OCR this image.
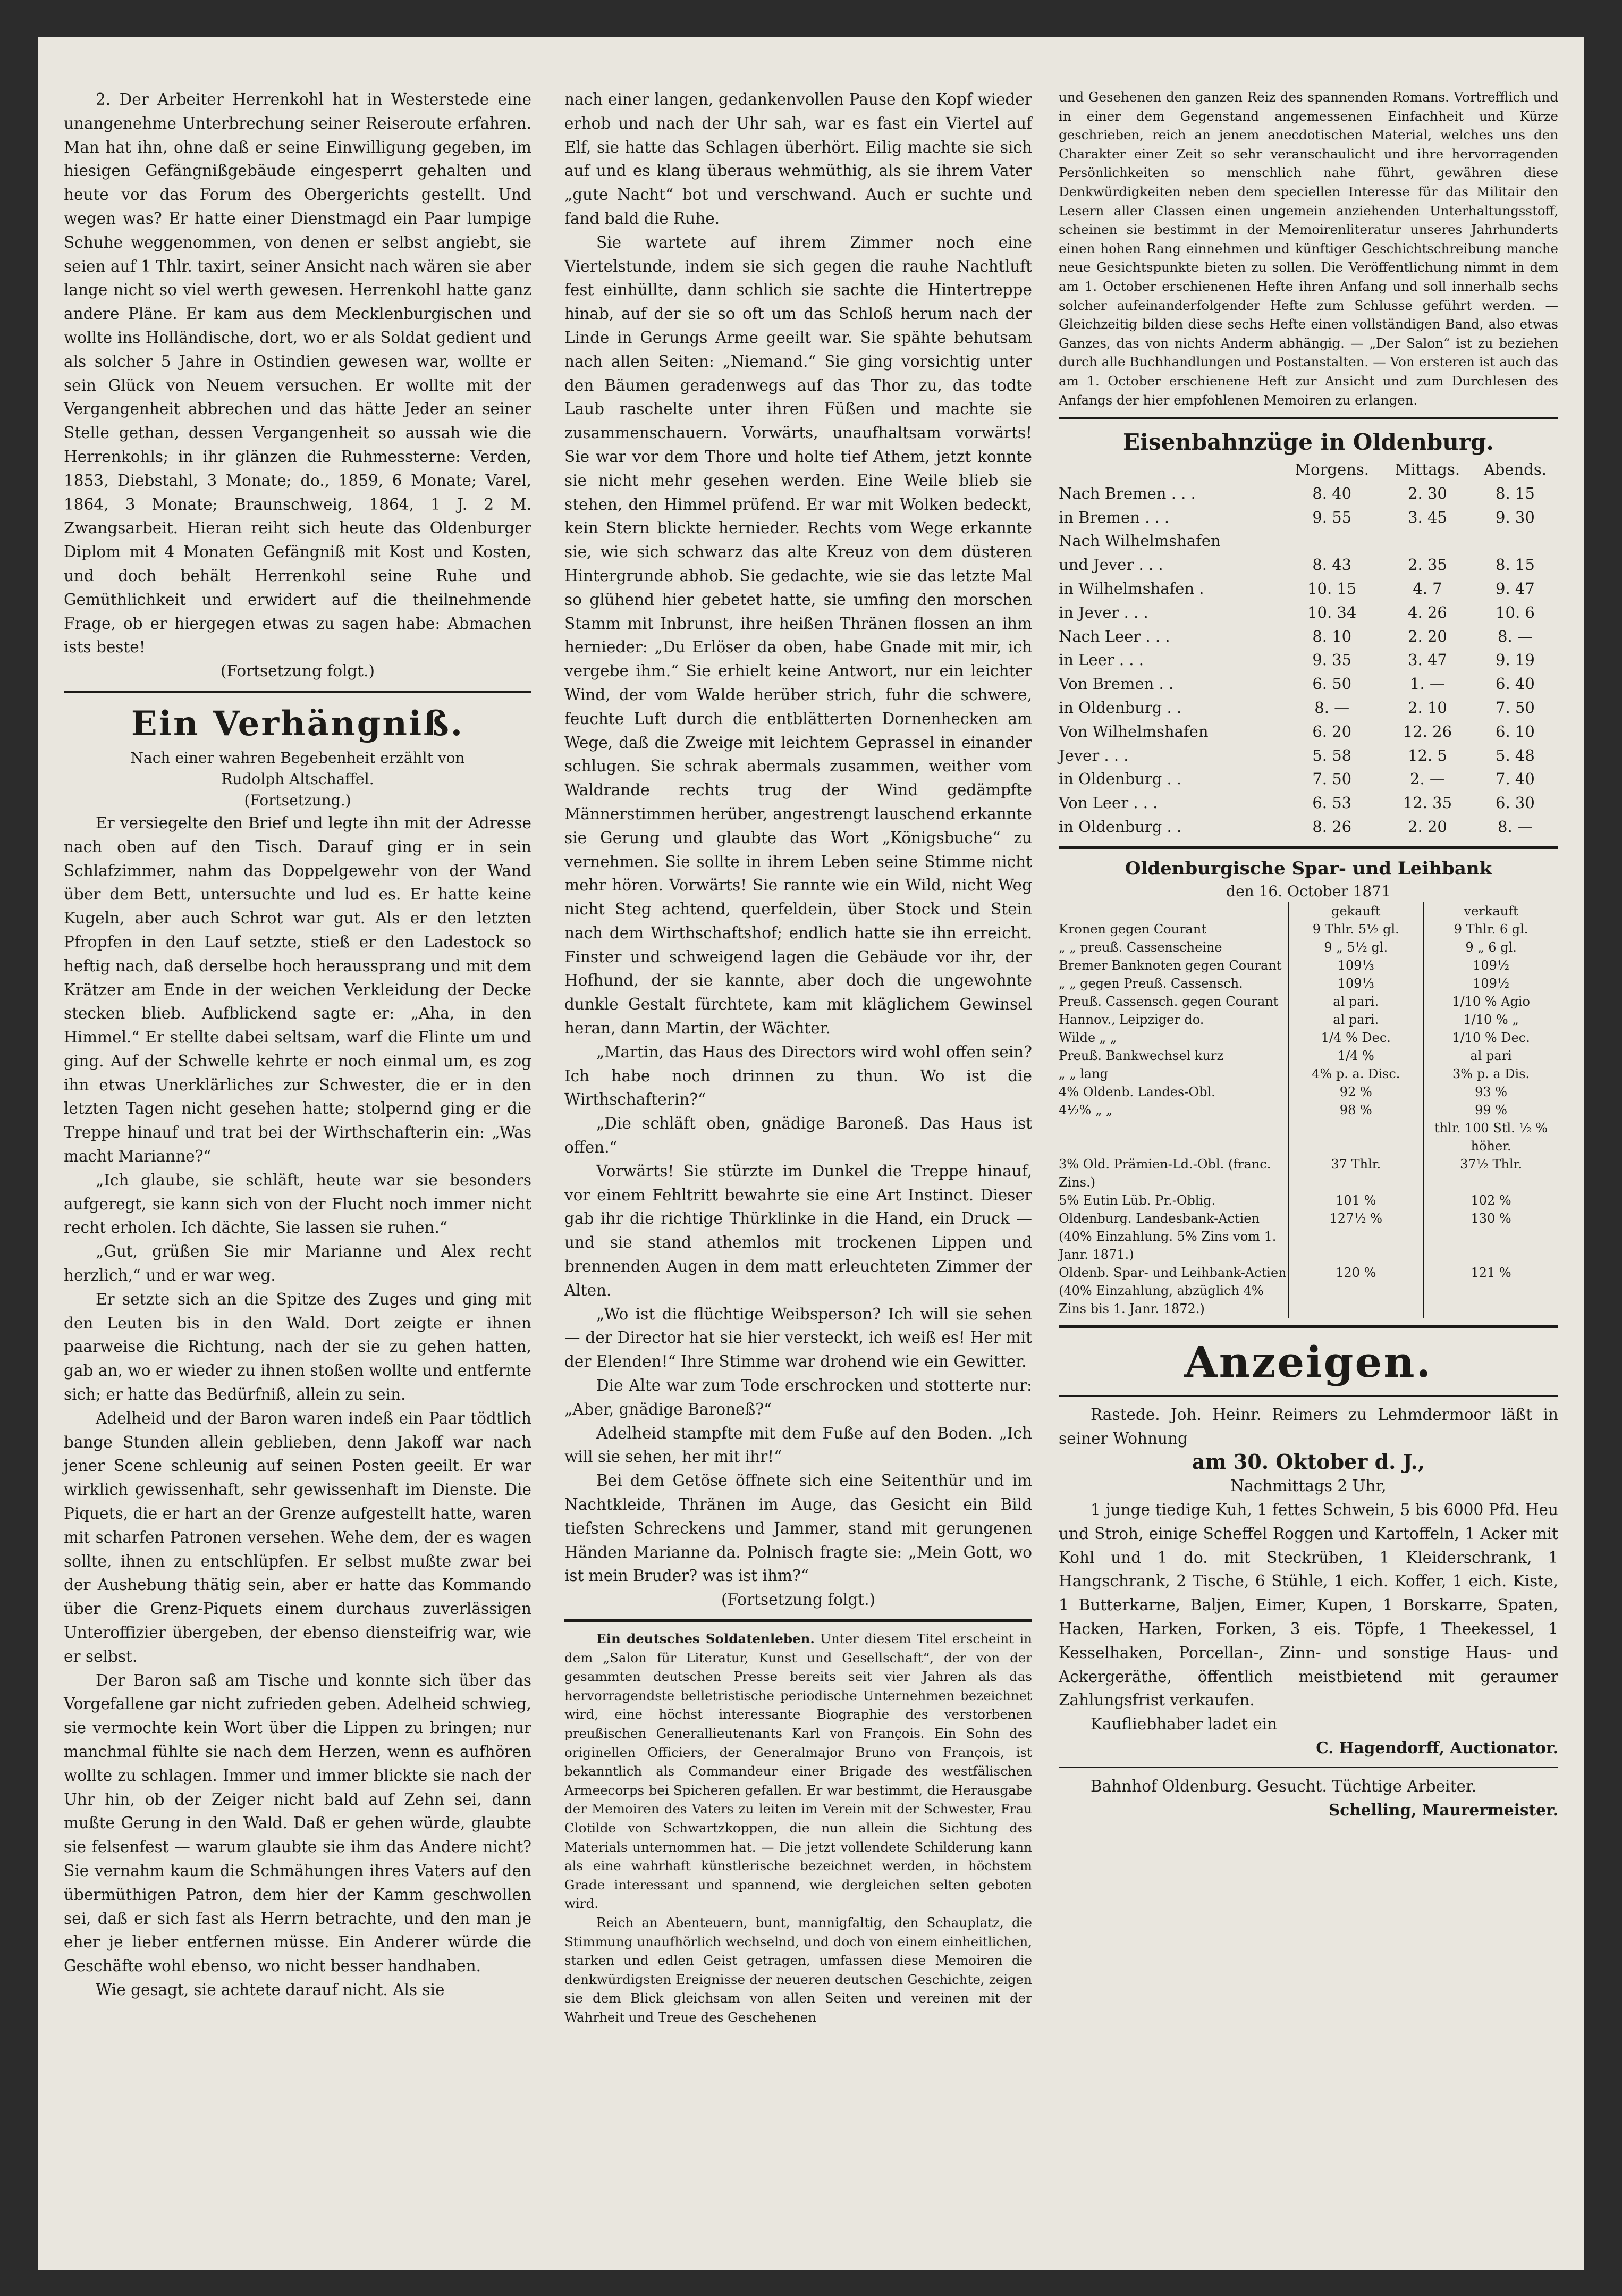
2. Der Arbeiter Herrenkohl hat in Westerstede eine unangenehme Unterbrechung seiner Reiseroute erfahren. Man hat ihn, ohne daß er seine Einwilligung gegeben, im hiesigen Gefängnißgebäude eingesperrt gehalten und heute vor das Forum des Obergerichts gestellt. Und wegen was? Er hatte einer Dienstmagd ein Paar lumpige Schuhe weggenommen, von denen er selbst angiebt, sie seien auf 1 Thlr. taxirt, seiner Ansicht nach wären sie aber lange nicht so viel werth gewesen. Herrenkohl hatte ganz andere Pläne. Er kam aus dem Mecklenburgischen und wollte ins Holländische, dort, wo er als Soldat gedient und als solcher 5 Jahre in Ostindien gewesen war, wollte er sein Glück von Neuem versuchen. Er wollte mit der Vergangenheit abbrechen und das hätte Jeder an seiner Stelle gethan, dessen Vergangenheit so aussah wie die Herrenkohls; in ihr glänzen die Ruhmessterne: Verden, 1853, Diebstahl, 3 Monate; do., 1859, 6 Monate; Varel, 1864, 3 Monate; Braunschweig, 1864, 1 J. 2 M. Zwangsarbeit. Hieran reiht sich heute das Oldenburger Diplom mit 4 Monaten Gefängniß mit Kost und Kosten, und doch behält Herrenkohl seine Ruhe und Gemüthlichkeit und erwidert auf die theilnehmende Frage, ob er hiergegen etwas zu sagen habe: Abmachen ists beste!

(Fortsetzung folgt.)

Ein Verhängniß.
Nach einer wahren Begebenheit erzählt von
Rudolph Altschaffel.
(Fortsetzung.)

Er versiegelte den Brief und legte ihn mit der Adresse nach oben auf den Tisch. Darauf ging er in sein Schlafzimmer, nahm das Doppelgewehr von der Wand über dem Bett, untersuchte und lud es. Er hatte keine Kugeln, aber auch Schrot war gut. Als er den letzten Pfropfen in den Lauf setzte, stieß er den Ladestock so heftig nach, daß derselbe hoch heraussprang und mit dem Krätzer am Ende in der weichen Verkleidung der Decke stecken blieb. Aufblickend sagte er: „Aha, in den Himmel.“ Er stellte dabei seltsam, warf die Flinte um und ging. Auf der Schwelle kehrte er noch einmal um, es zog ihn etwas Unerklärliches zur Schwester, die er in den letzten Tagen nicht gesehen hatte; stolpernd ging er die Treppe hinauf und trat bei der Wirthschafterin ein: „Was macht Marianne?“

„Ich glaube, sie schläft, heute war sie besonders aufgeregt, sie kann sich von der Flucht noch immer nicht recht erholen. Ich dächte, Sie lassen sie ruhen.“

„Gut, grüßen Sie mir Marianne und Alex recht herzlich,“ und er war weg.

Er setzte sich an die Spitze des Zuges und ging mit den Leuten bis in den Wald. Dort zeigte er ihnen paarweise die Richtung, nach der sie zu gehen hatten, gab an, wo er wieder zu ihnen stoßen wollte und entfernte sich; er hatte das Bedürfniß, allein zu sein.

Adelheid und der Baron waren indeß ein Paar tödtlich bange Stunden allein geblieben, denn Jakoff war nach jener Scene schleunig auf seinen Posten geeilt. Er war wirklich gewissenhaft, sehr gewissenhaft im Dienste. Die Piquets, die er hart an der Grenze aufgestellt hatte, waren mit scharfen Patronen versehen. Wehe dem, der es wagen sollte, ihnen zu entschlüpfen. Er selbst mußte zwar bei der Aushebung thätig sein, aber er hatte das Kommando über die Grenz-Piquets einem durchaus zuverlässigen Unteroffizier übergeben, der ebenso diensteifrig war, wie er selbst.

Der Baron saß am Tische und konnte sich über das Vorgefallene gar nicht zufrieden geben. Adelheid schwieg, sie vermochte kein Wort über die Lippen zu bringen; nur manchmal fühlte sie nach dem Herzen, wenn es aufhören wollte zu schlagen. Immer und immer blickte sie nach der Uhr hin, ob der Zeiger nicht bald auf Zehn sei, dann mußte Gerung in den Wald. Daß er gehen würde, glaubte sie felsenfest — warum glaubte sie ihm das Andere nicht? Sie vernahm kaum die Schmähungen ihres Vaters auf den übermüthigen Patron, dem hier der Kamm geschwollen sei, daß er sich fast als Herrn betrachte, und den man je eher je lieber entfernen müsse. Ein Anderer würde die Geschäfte wohl ebenso, wo nicht besser handhaben.

Wie gesagt, sie achtete darauf nicht. Als sie

nach einer langen, gedankenvollen Pause den Kopf wieder erhob und nach der Uhr sah, war es fast ein Viertel auf Elf, sie hatte das Schlagen überhört. Eilig machte sie sich auf und es klang überaus wehmüthig, als sie ihrem Vater „gute Nacht“ bot und verschwand. Auch er suchte und fand bald die Ruhe.

Sie wartete auf ihrem Zimmer noch eine Viertelstunde, indem sie sich gegen die rauhe Nachtluft fest einhüllte, dann schlich sie sachte die Hintertreppe hinab, auf der sie so oft um das Schloß herum nach der Linde in Gerungs Arme geeilt war. Sie spähte behutsam nach allen Seiten: „Niemand.“ Sie ging vorsichtig unter den Bäumen geradenwegs auf das Thor zu, das todte Laub raschelte unter ihren Füßen und machte sie zusammenschauern. Vorwärts, unaufhaltsam vorwärts! Sie war vor dem Thore und holte tief Athem, jetzt konnte sie nicht mehr gesehen werden. Eine Weile blieb sie stehen, den Himmel prüfend. Er war mit Wolken bedeckt, kein Stern blickte hernieder. Rechts vom Wege erkannte sie, wie sich schwarz das alte Kreuz von dem düsteren Hintergrunde abhob. Sie gedachte, wie sie das letzte Mal so glühend hier gebetet hatte, sie umfing den morschen Stamm mit Inbrunst, ihre heißen Thränen flossen an ihm hernieder: „Du Erlöser da oben, habe Gnade mit mir, ich vergebe ihm.“ Sie erhielt keine Antwort, nur ein leichter Wind, der vom Walde herüber strich, fuhr die schwere, feuchte Luft durch die entblätterten Dornenhecken am Wege, daß die Zweige mit leichtem Geprassel in einander schlugen. Sie schrak abermals zusammen, weither vom Waldrande rechts trug der Wind gedämpfte Männerstimmen herüber, angestrengt lauschend erkannte sie Gerung und glaubte das Wort „Königsbuche“ zu vernehmen. Sie sollte in ihrem Leben seine Stimme nicht mehr hören. Vorwärts! Sie rannte wie ein Wild, nicht Weg nicht Steg achtend, querfeldein, über Stock und Stein nach dem Wirthschaftshof; endlich hatte sie ihn erreicht. Finster und schweigend lagen die Gebäude vor ihr, der Hofhund, der sie kannte, aber doch die ungewohnte dunkle Gestalt fürchtete, kam mit kläglichem Gewinsel heran, dann Martin, der Wächter.

„Martin, das Haus des Directors wird wohl offen sein? Ich habe noch drinnen zu thun. Wo ist die Wirthschafterin?“

„Die schläft oben, gnädige Baroneß. Das Haus ist offen.“

Vorwärts! Sie stürzte im Dunkel die Treppe hinauf, vor einem Fehltritt bewahrte sie eine Art Instinct. Dieser gab ihr die richtige Thürklinke in die Hand, ein Druck — und sie stand athemlos mit trockenen Lippen und brennenden Augen in dem matt erleuchteten Zimmer der Alten.

„Wo ist die flüchtige Weibsperson? Ich will sie sehen — der Director hat sie hier versteckt, ich weiß es! Her mit der Elenden!“ Ihre Stimme war drohend wie ein Gewitter.

Die Alte war zum Tode erschrocken und stotterte nur: „Aber, gnädige Baroneß?“

Adelheid stampfte mit dem Fuße auf den Boden. „Ich will sie sehen, her mit ihr!“

Bei dem Getöse öffnete sich eine Seitenthür und im Nachtkleide, Thränen im Auge, das Gesicht ein Bild tiefsten Schreckens und Jammer, stand mit gerungenen Händen Marianne da. Polnisch fragte sie: „Mein Gott, wo ist mein Bruder? was ist ihm?“

(Fortsetzung folgt.)

Ein deutsches Soldatenleben. Unter diesem Titel erscheint in dem „Salon für Literatur, Kunst und Gesellschaft“, der von der gesammten deutschen Presse bereits seit vier Jahren als das hervorragendste belletristische periodische Unternehmen bezeichnet wird, eine höchst interessante Biographie des verstorbenen preußischen Generallieutenants Karl von François. Ein Sohn des originellen Officiers, der Generalmajor Bruno von François, ist bekanntlich als Commandeur einer Brigade des westfälischen Armeecorps bei Spicheren gefallen. Er war bestimmt, die Herausgabe der Memoiren des Vaters zu leiten im Verein mit der Schwester, Frau Clotilde von Schwartzkoppen, die nun allein die Sichtung des Materials unternommen hat. — Die jetzt vollendete Schilderung kann als eine wahrhaft künstlerische bezeichnet werden, in höchstem Grade interessant und spannend, wie dergleichen selten geboten wird.

Reich an Abenteuern, bunt, mannigfaltig, den Schauplatz, die Stimmung unaufhörlich wechselnd, und doch von einem einheitlichen, starken und edlen Geist getragen, umfassen diese Memoiren die denkwürdigsten Ereignisse der neueren deutschen Geschichte, zeigen sie dem Blick gleichsam von allen Seiten und vereinen mit der Wahrheit und Treue des Geschehenen

und Gesehenen den ganzen Reiz des spannenden Romans. Vortrefflich und in einer dem Gegenstand angemessenen Einfachheit und Kürze geschrieben, reich an jenem anecdotischen Material, welches uns den Charakter einer Zeit so sehr veranschaulicht und ihre hervorragenden Persönlichkeiten so menschlich nahe führt, gewähren diese Denkwürdigkeiten neben dem speciellen Interesse für das Militair den Lesern aller Classen einen ungemein anziehenden Unterhaltungsstoff, scheinen sie bestimmt in der Memoirenliteratur unseres Jahrhunderts einen hohen Rang einnehmen und künftiger Geschichtschreibung manche neue Gesichtspunkte bieten zu sollen. Die Veröffentlichung nimmt in dem am 1. October erschienenen Hefte ihren Anfang und soll innerhalb sechs solcher aufeinanderfolgender Hefte zum Schlusse geführt werden. — Gleichzeitig bilden diese sechs Hefte einen vollständigen Band, also etwas Ganzes, das von nichts Anderm abhängig. — „Der Salon“ ist zu beziehen durch alle Buchhandlungen und Postanstalten. — Von ersteren ist auch das am 1. October erschienene Heft zur Ansicht und zum Durchlesen des Anfangs der hier empfohlenen Memoiren zu erlangen.

Eisenbahnzüge in Oldenburg.
	Morgens.	Mittags.	Abends.
Nach Bremen . . .	8. 40	2. 30	8. 15
in Bremen . . .	9. 55	3. 45	9. 30
Nach Wilhelmshafen			
und Jever . . .	8. 43	2. 35	8. 15
in Wilhelmshafen .	10. 15	4. 7	9. 47
in Jever . . .	10. 34	4. 26	10. 6
Nach Leer . . .	8. 10	2. 20	8. —
in Leer . . .	9. 35	3. 47	9. 19
Von Bremen . .	6. 50	1. —	6. 40
in Oldenburg . .	8. —	2. 10	7. 50
Von Wilhelmshafen	6. 20	12. 26	6. 10
Jever . . .	5. 58	12. 5	5. 48
in Oldenburg . .	7. 50	2. —	7. 40
Von Leer . . .	6. 53	12. 35	6. 30
in Oldenburg . .	8. 26	2. 20	8. —
Oldenburgische Spar- und Leihbank
den 16. October 1871
	gekauft	verkauft
Kronen gegen Courant	9 Thlr. 5½ gl.	9 Thlr. 6 gl.
„ „ preuß. Cassenscheine	9 „ 5½ gl.	9 „ 6 gl.
Bremer Banknoten gegen Courant	109⅓	109½
„ „ gegen Preuß. Cassensch.	109⅓	109½
Preuß. Cassensch. gegen Courant	al pari.	1/10 % Agio
Hannov., Leipziger do.	al pari.	1/10 % „
Wilde „ „	1/4 % Dec.	1/10 % Dec.
Preuß. Bankwechsel kurz	1/4 %	al pari
„ „ lang	4% p. a. Disc.	3% p. a Dis.
4% Oldenb. Landes-Obl.	92 %	93 %
4½% „ „	98 %	99 %
		thlr. 100 Stl. ½ % höher.
3% Old. Prämien-Ld.-Obl. (franc. Zins.)	37 Thlr.	37½ Thlr.
5% Eutin Lüb. Pr.-Oblig.	101 %	102 %
Oldenburg. Landesbank-Actien	127½ %	130 %
(40% Einzahlung. 5% Zins vom 1. Janr. 1871.)		
Oldenb. Spar- und Leihbank-Actien	120 %	121 %
(40% Einzahlung, abzüglich 4% Zins bis 1. Janr. 1872.)		
Anzeigen.

Rastede. Joh. Heinr. Reimers zu Lehmdermoor läßt in seiner Wohnung

am 30. Oktober d. J.,

Nachmittags 2 Uhr,

1 junge tiedige Kuh, 1 fettes Schwein, 5 bis 6000 Pfd. Heu und Stroh, einige Scheffel Roggen und Kartoffeln, 1 Acker mit Kohl und 1 do. mit Steckrüben, 1 Kleiderschrank, 1 Hangschrank, 2 Tische, 6 Stühle, 1 eich. Koffer, 1 eich. Kiste, 1 Butterkarne, Baljen, Eimer, Kupen, 1 Borskarre, Spaten, Hacken, Harken, Forken, 3 eis. Töpfe, 1 Theekessel, 1 Kesselhaken, Porcellan-, Zinn- und sonstige Haus- und Ackergeräthe, öffentlich meistbietend mit geraumer Zahlungsfrist verkaufen.

Kaufliebhaber ladet ein

C. Hagendorff, Auctionator.

Bahnhof Oldenburg. Gesucht. Tüchtige Arbeiter.

Schelling, Maurermeister.
